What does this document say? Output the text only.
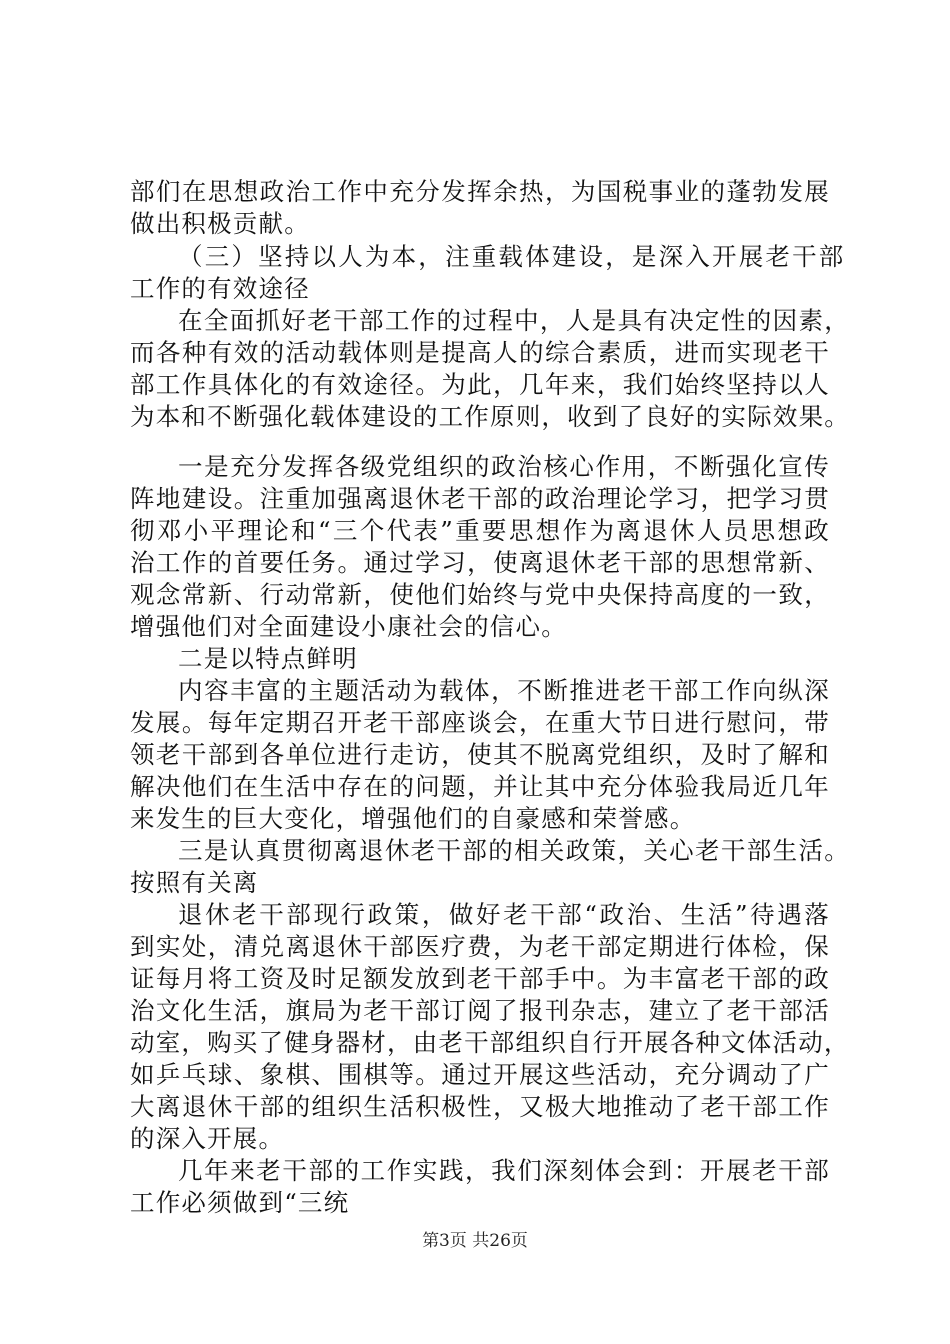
部们在思想政治工作中充分发挥余热，为国税事业的蓬勃发展
做出积极贡献。
（三）坚持以人为本，注重载体建设，是深入开展老干部
工作的有效途径
在全面抓好老干部工作的过程中，人是具有决定性的因素，
而各种有效的活动载体则是提高人的综合素质，进而实现老干
部工作具体化的有效途径。为此，几年来，我们始终坚持以人
为本和不断强化载体建设的工作原则，收到了良好的实际效果。
一是充分发挥各级党组织的政治核心作用，不断强化宣传
阵地建设。注重加强离退休老干部的政治理论学习，把学习贯
彻邓小平理论和“三个代表”重要思想作为离退休人员思想政
治工作的首要任务。通过学习，使离退休老干部的思想常新、
观念常新、行动常新，使他们始终与党中央保持高度的一致，
增强他们对全面建设小康社会的信心。
二是以特点鲜明
内容丰富的主题活动为载体，不断推进老干部工作向纵深
发展。每年定期召开老干部座谈会，在重大节日进行慰问，带
领老干部到各单位进行走访，使其不脱离党组织，及时了解和
解决他们在生活中存在的问题，并让其中充分体验我局近几年
来发生的巨大变化，增强他们的自豪感和荣誉感。
三是认真贯彻离退休老干部的相关政策，关心老干部生活。
按照有关离
退休老干部现行政策，做好老干部“政治、生活”待遇落
到实处，清兑离退休干部医疗费，为老干部定期进行体检，保
证每月将工资及时足额发放到老干部手中。为丰富老干部的政
治文化生活，旗局为老干部订阅了报刊杂志，建立了老干部活
动室，购买了健身器材，由老干部组织自行开展各种文体活动，
如乒乓球、象棋、围棋等。通过开展这些活动，充分调动了广
大离退休干部的组织生活积极性，又极大地推动了老干部工作
的深入开展。
几年来老干部的工作实践，我们深刻体会到：开展老干部
工作必须做到“三统
第3页 共26页
